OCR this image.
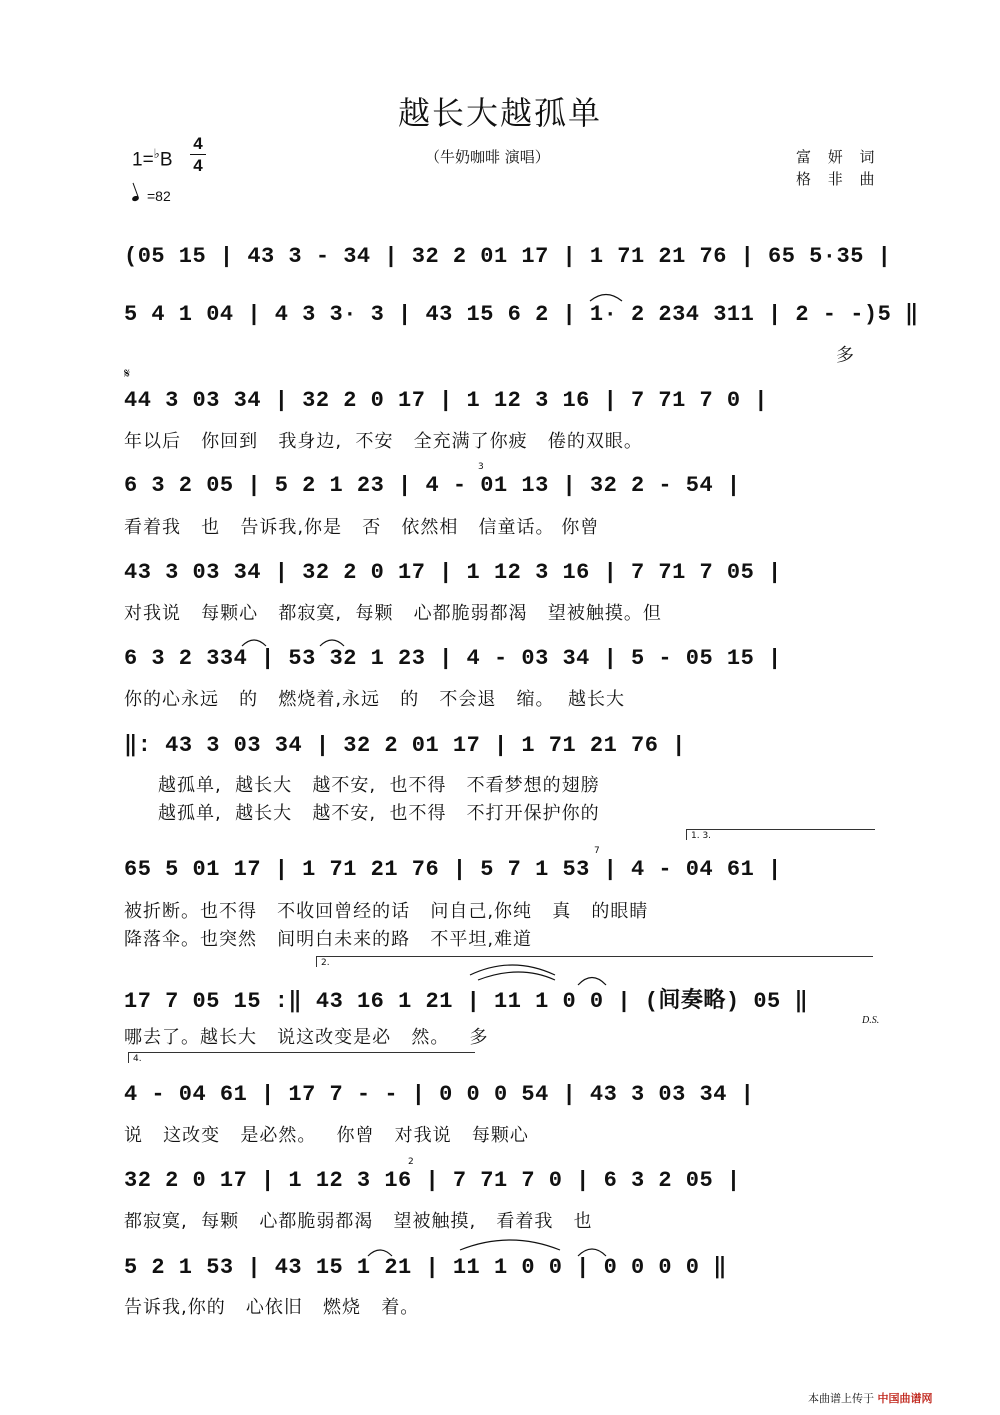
越长大越孤单
1=♭B
4
4
=82
（牛奶咖啡 演唱）	富 妍 词
格 非 曲
(05 15 | 43 3 - 34 | 32 2 01 17 | 1 71 21 76 | 65 5·35 |
5 4 1 04 | 4 3 3· 3 | 43 15 6 2 | 1· 2 234 311 | 2 - -)5 ‖
多
𝄋
44 3 03 34 | 32 2 0 17 | 1 12 3 16 | 7 71 7 0 |
年以后   你回到   我身边,  不安   全充满了你疲   倦的双眼。
3
6 3 2 05 | 5 2 1 23 | 4 - 01 13 | 32 2 - 54 |
看着我   也   告诉我,你是   否   依然相   信童话。 你曾
43 3 03 34 | 32 2 0 17 | 1 12 3 16 | 7 71 7 05 |
对我说   每颗心   都寂寞,  每颗   心都脆弱都渴   望被触摸。但
6 3 2 334 | 53 32 1 23 | 4 - 03 34 | 5 - 05 15 |
你的心永远   的   燃烧着,永远   的   不会退   缩。  越长大
‖: 43 3 03 34 | 32 2 01 17 | 1 71 21 76 |
越孤单,  越长大   越不安,  也不得   不看梦想的翅膀
越孤单,  越长大   越不安,  也不得   不打开保护你的
1. 3.
7
65 5 01 17 | 1 71 21 76 | 5 7 1 53 | 4 - 04 61 |
被折断。也不得   不收回曾经的话   问自己,你纯   真   的眼睛
降落伞。也突然   间明白未来的路   不平坦,难道
2.
17 7 05 15 :‖ 43 16 1 21 | 11 1 0 0 | (间奏略) 05 ‖
D.S.
哪去了。越长大   说这改变是必   然。   多
4.
4 - 04 61 | 17 7 - - | 0 0 0 54 | 43 3 03 34 |
说   这改变   是必然。   你曾   对我说   每颗心
2
32 2 0 17 | 1 12 3 16 | 7 71 7 0 | 6 3 2 05 |
都寂寞,  每颗   心都脆弱都渴   望被触摸,   看着我   也
5 2 1 53 | 43 15 1 21 | 11 1 0 0 | 0 0 0 0 ‖
告诉我,你的   心依旧   燃烧   着。
本曲谱上传于 中国曲谱网
